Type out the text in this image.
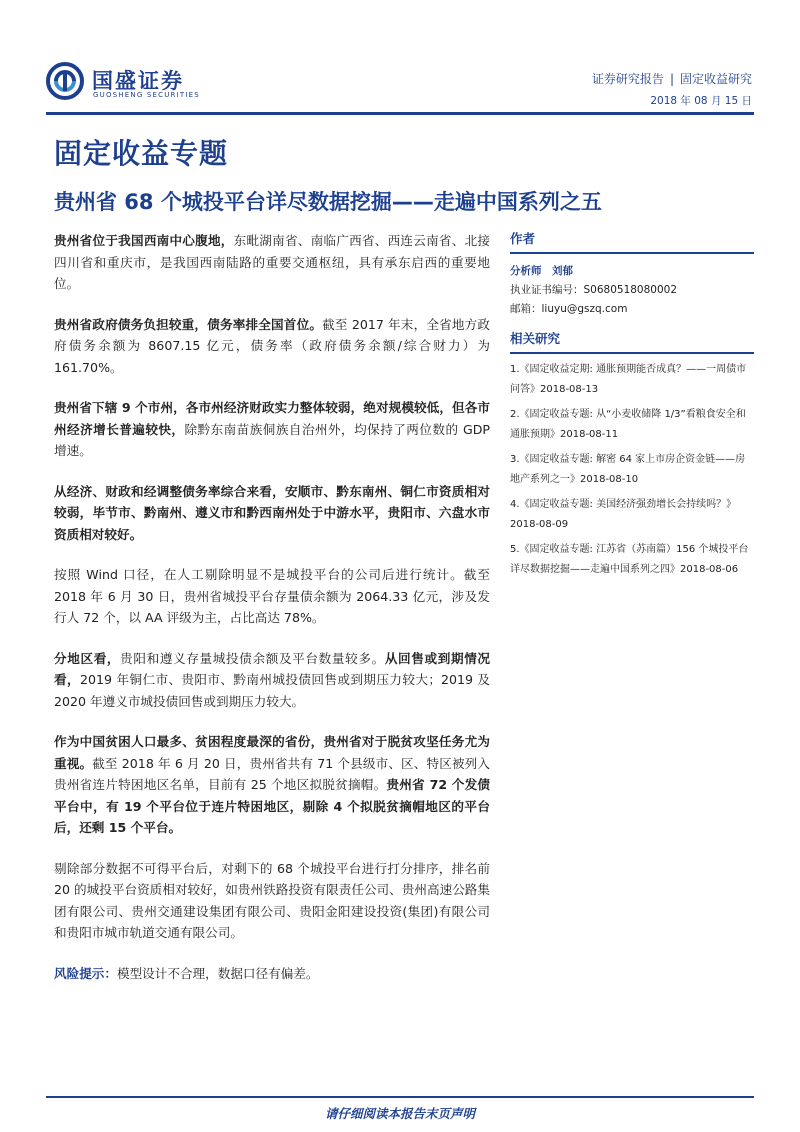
国盛证券
GUOSHENG SECURITIES
证券研究报告 | 固定收益研究
2018 年 08 月 15 日
固定收益专题
贵州省 68 个城投平台详尽数据挖掘——走遍中国系列之五

贵州省位于我国西南中心腹地，东毗湖南省、南临广西省、西连云南省、北接四川省和重庆市，是我国西南陆路的重要交通枢纽，具有承东启西的重要地位。

贵州省政府债务负担较重，债务率排全国首位。截至 2017 年末，全省地方政府债务余额为 8607.15 亿元，债务率（政府债务余额/综合财力）为 161.70%。

贵州省下辖 9 个市州，各市州经济财政实力整体较弱，绝对规模较低，但各市州经济增长普遍较快，除黔东南苗族侗族自治州外，均保持了两位数的 GDP 增速。

从经济、财政和经调整债务率综合来看，安顺市、黔东南州、铜仁市资质相对较弱，毕节市、黔南州、遵义市和黔西南州处于中游水平，贵阳市、六盘水市资质相对较好。

按照 Wind 口径，在人工剔除明显不是城投平台的公司后进行统计。截至 2018 年 6 月 30 日，贵州省城投平台存量债余额为 2064.33 亿元，涉及发行人 72 个，以 AA 评级为主，占比高达 78%。

分地区看，贵阳和遵义存量城投债余额及平台数量较多。从回售或到期情况看，2019 年铜仁市、贵阳市、黔南州城投债回售或到期压力较大；2019 及 2020 年遵义市城投债回售或到期压力较大。

作为中国贫困人口最多、贫困程度最深的省份，贵州省对于脱贫攻坚任务尤为重视。截至 2018 年 6 月 20 日，贵州省共有 71 个县级市、区、特区被列入贵州省连片特困地区名单，目前有 25 个地区拟脱贫摘帽。贵州省 72 个发债平台中，有 19 个平台位于连片特困地区，剔除 4 个拟脱贫摘帽地区的平台后，还剩 15 个平台。

剔除部分数据不可得平台后，对剩下的 68 个城投平台进行打分排序，排名前 20 的城投平台资质相对较好，如贵州铁路投资有限责任公司、贵州高速公路集团有限公司、贵州交通建设集团有限公司、贵阳金阳建设投资(集团)有限公司和贵阳市城市轨道交通有限公司。

风险提示：模型设计不合理，数据口径有偏差。

作者
分析师　刘郁
执业证书编号：S0680518080002
邮箱：liuyu@gszq.com
相关研究
1.《固定收益定期: 通胀预期能否成真？——一周债市问答》2018-08-13
2.《固定收益专题: 从“小麦收储降 1/3”看粮食安全和通胀预期》2018-08-11
3.《固定收益专题: 解密 64 家上市房企资金链——房地产系列之一》2018-08-10
4.《固定收益专题: 美国经济强劲增长会持续吗？》2018-08-09
5.《固定收益专题: 江苏省（苏南篇）156 个城投平台详尽数据挖掘——走遍中国系列之四》2018-08-06
请仔细阅读本报告末页声明
